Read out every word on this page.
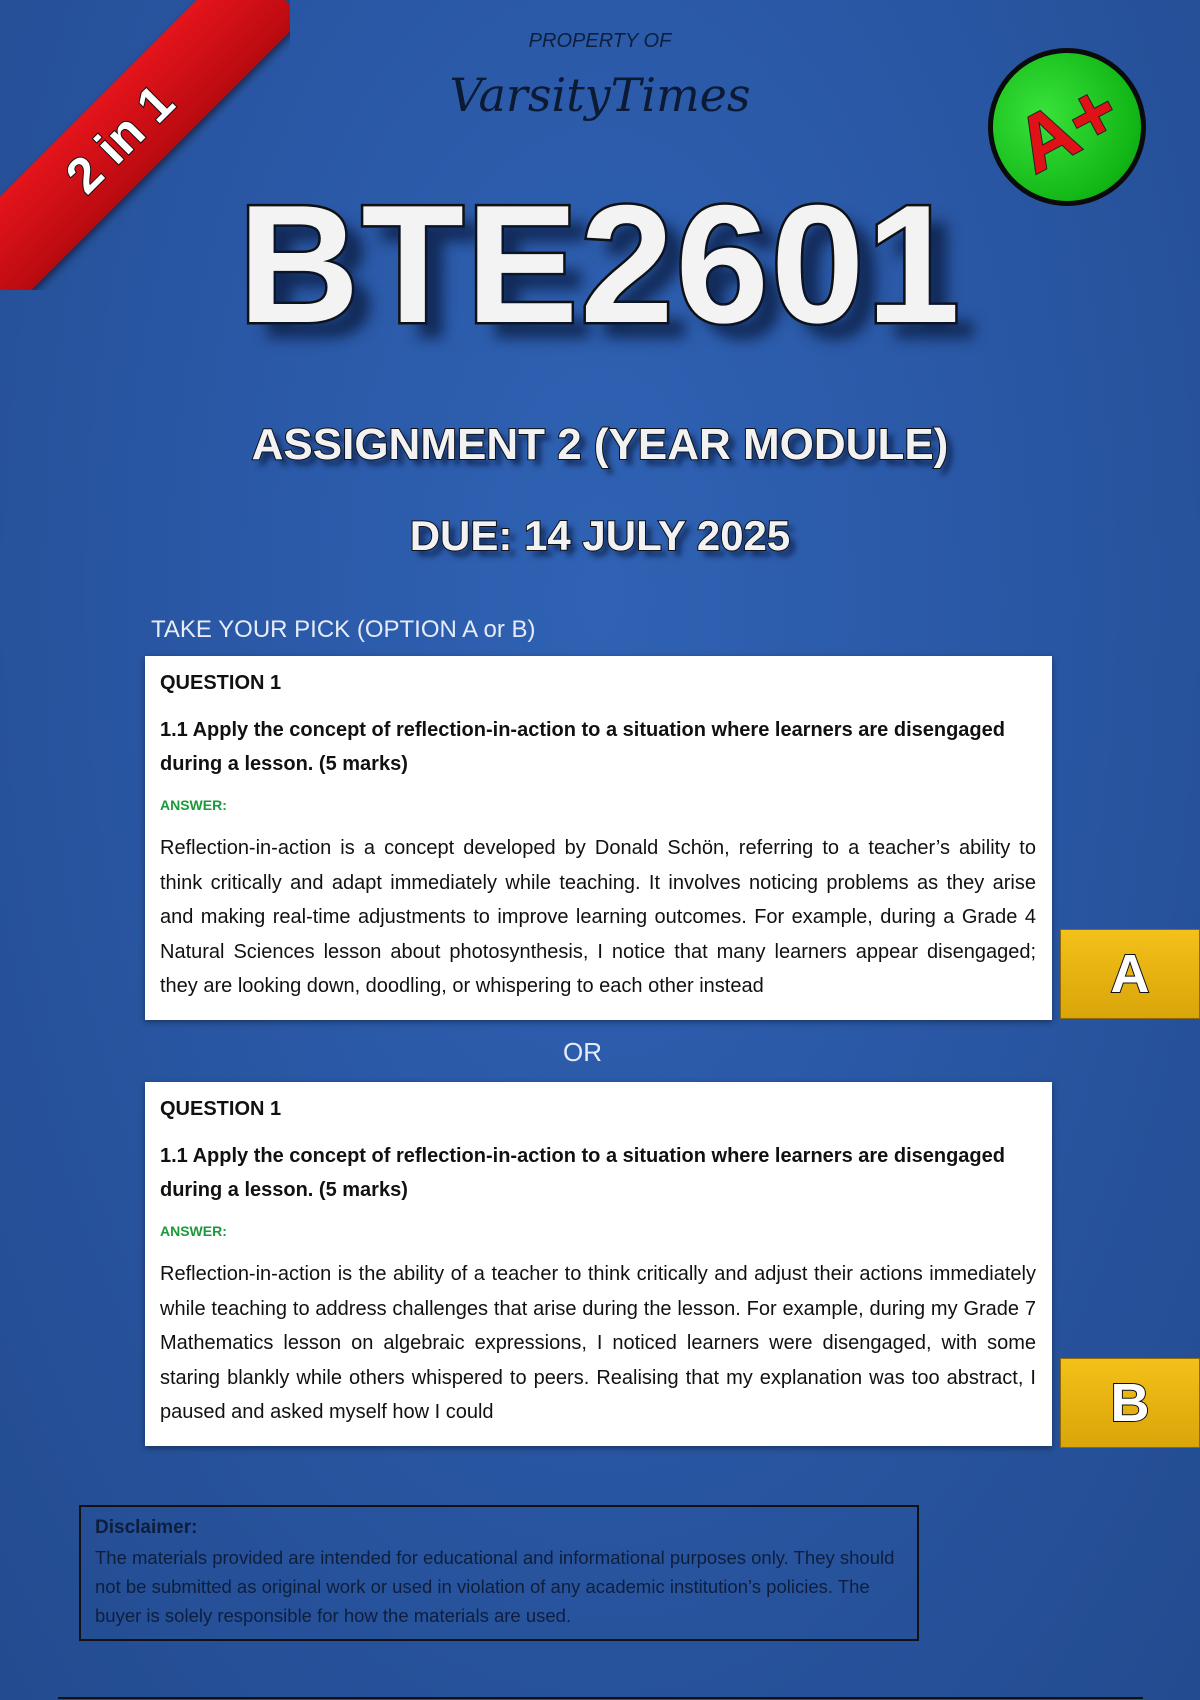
2 in 1
PROPERTY OF
VarsityTimes	A+
BTE2601
ASSIGNMENT 2 (YEAR MODULE)
DUE: 14 JULY 2025
TAKE YOUR PICK (OPTION A or B)
QUESTION 1
1.1 Apply the concept of reflection-in-action to a situation where learners are disengaged during a lesson. (5 marks)
ANSWER:
Reflection-in-action is a concept developed by Donald Schön, referring to a teacher’s ability to think critically and adapt immediately while teaching. It involves noticing problems as they arise and making real-time adjustments to improve learning outcomes. For example, during a Grade 4 Natural Sciences lesson about photosynthesis, I notice that many learners appear disengaged; they are looking down, doodling, or whispering to each other instead	A
OR
QUESTION 1
1.1 Apply the concept of reflection-in-action to a situation where learners are disengaged during a lesson. (5 marks)
ANSWER:
Reflection-in-action is the ability of a teacher to think critically and adjust their actions immediately while teaching to address challenges that arise during the lesson. For example, during my Grade 7 Mathematics lesson on algebraic expressions, I noticed learners were disengaged, with some staring blankly while others whispered to peers. Realising that my explanation was too abstract, I paused and asked myself how I could	B
Disclaimer:
The materials provided are intended for educational and informational purposes only. They should not be submitted as original work or used in violation of any academic institution’s policies. The buyer is solely responsible for how the materials are used.
